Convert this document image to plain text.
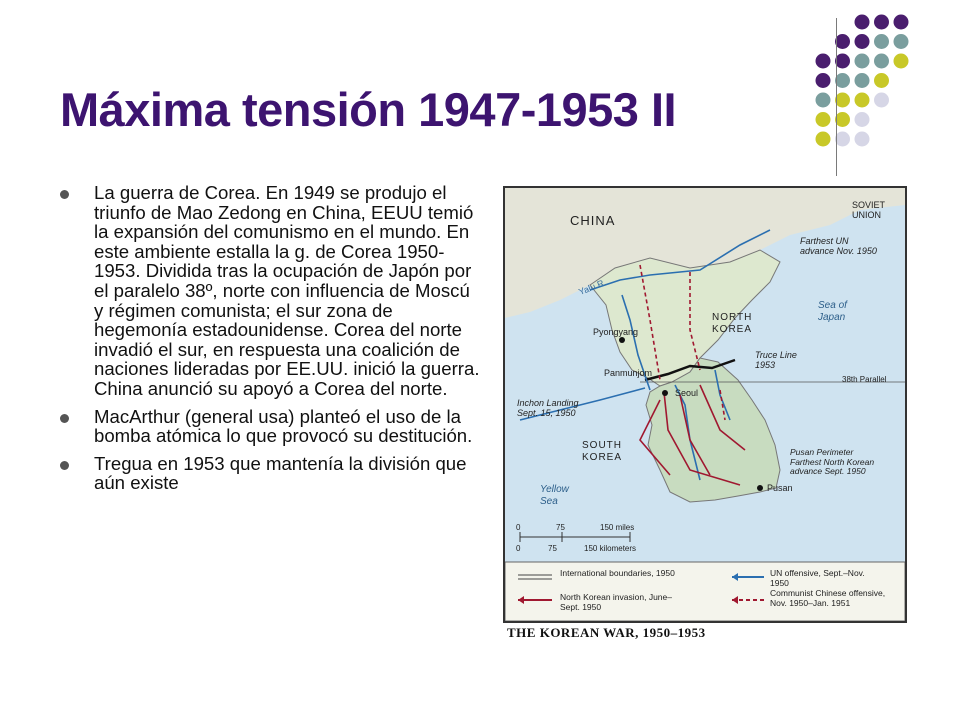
Máxima tensión 1947-1953 II
La guerra de Corea. En 1949 se produjo el triunfo de Mao Zedong en China, EEUU temió la expansión del comunismo en el mundo. En este ambiente estalla la g. de Corea 1950-1953. Dividida tras la ocupación de Japón por el paralelo 38º, norte con influencia de Moscú y régimen comunista; el sur zona de hegemonía estadounidense. Corea del norte invadió el sur, en respuesta una coalición de naciones lideradas por EE.UU. inició la guerra. China anunció su apoyó a Corea del norte.
MacArthur (general usa) planteó el uso de la bomba atómica lo que provocó su destitución.
Tregua en 1953 que mantenía la división que aún existe
CHINA
SOVIET UNION
Yalu R.
Farthest UN advance Nov. 1950
Sea of Japan
NORTH KOREA
Pyongyang
Truce Line 1953
Panmunjom
38th Parallel
Seoul
Inchon Landing Sept. 15, 1950
SOUTH KOREA	Pusan Perimeter Farthest North Korean advance Sept. 1950
Yellow Sea
Pusan
0	75	150 miles
0	75	150 kilometers
International boundaries, 1950	UN offensive, Sept.–Nov. 1950
North Korean invasion, June–Sept. 1950
Communist Chinese offensive, Nov. 1950–Jan. 1951
THE KOREAN WAR, 1950–1953
